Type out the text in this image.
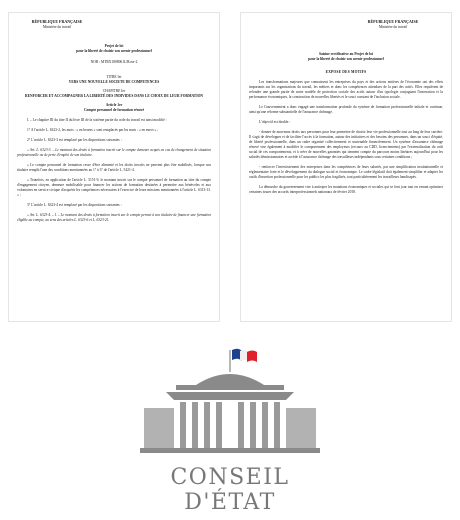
RÉPUBLIQUE FRANÇAISE
Ministère du travail
Projet de loi
pour la liberté de choisir son avenir professionnel
NOR : MTRX1808061L/Rose-2
TITRE Ier
VERS UNE NOUVELLE SOCIETE DE COMPETENCES
CHAPITRE Ier
RENFORCER ET ACCOMPAGNER LA LIBERTÉ DES INDIVIDUS DANS LE CHOIX DE LEUR FORMATION
Article 1er
Compte personnel de formation rénové
I. – Le chapitre III du titre II du livre III de la sixième partie du code du travail est ainsi modifié :
1° A l'article L. 6323-2, les mots : « en heures » sont remplacés par les mots : « en euros » ;
2° L'article L. 6323-3 est remplacé par les dispositions suivantes :
« Art. L. 6323-3. – Le montant des droits à formation inscrit sur le compte demeure acquis en cas de changement de situation professionnelle ou de perte d'emploi de son titulaire.
« Le compte personnel de formation cesse d'être alimenté et les droits inscrits ne peuvent plus être mobilisés, lorsque son titulaire remplit l'une des conditions mentionnées au 1° à 3° de l'article L. 5421-4.
« Toutefois, en application de l'article L. 5151-9, le montant inscrit sur le compte personnel de formation au titre du compte d'engagement citoyen, demeure mobilisable pour financer les actions de formation destinées à permettre aux bénévoles et aux volontaires en service civique d'acquérir les compétences nécessaires à l'exercice de leurs missions mentionnées à l'article L. 6313-13. » ;
3° L'article L. 6323-4 est remplacé par les dispositions suivantes :
« Art. L. 6323-4. – I. – Le montant des droits à formation inscrit sur le compte permet à son titulaire de financer une formation éligible au compte, au sens des articles L. 6323-6 et L. 6323-21.
RÉPUBLIQUE FRANÇAISE
Ministère du travail
Saisine rectificative au Projet de loi
pour la liberté de choisir son avenir professionnel
EXPOSE DES MOTIFS
Les transformations majeures que connaissent les entreprises du pays et des actions entières de l'économie ont des effets importants sur les organisations du travail, les métiers et donc les compétences attendues de la part des actifs. Elles requièrent de refonder une grande partie de notre modèle de protection sociale des actifs autour d'un typologie conjuguant l'innovation et la performance économiques, la construction de nouvelles libertés et le souci constant de l'inclusion sociale.
Le Gouvernement a donc engagé une transformation profonde du système de formation professionnelle initiale et continue, ainsi qu'une réforme substantielle de l'assurance chômage.
L'objectif est double :
- donner de nouveaux droits aux personnes pour leur permettre de choisir leur vie professionnelle tout au long de leur carrière. Il s'agit de développer et de faciliter l'accès à la formation, autour des initiatives et des besoins des personnes, dans un souci d'équité, de liberté professionnelle, dans un cadre organisé collectivement et soutenable financièrement. Un système d'assurance chômage rénové vise également à modifier le comportement des employeurs (recours au CDD, licenciements) par l'externalisation du coût social de ces comportements, et à créer de nouvelles garanties qui tiennent compte du parcours moins linéaires aujourd'hui pour les salariés démissionnaires et accède à l'assurance chômage des travailleurs indépendants sous certaines conditions ;
- renforcer l'investissement des entreprises dans les compétences de leurs salariés, par une simplification institutionnelle et réglementaire forte et le développement du dialogue social et économique. Le cadre législatif doit également simplifier et adapter les outils d'insertion professionnelle pour les publics les plus fragilisés, tout particulièrement les travailleurs handicapés.
La démarche du gouvernement vise à anticiper les mutations économiques et sociales qui se font jour tout en venant optimiser certaines issues des accords interprofessionnels nationaux de février 2018.
CONSEIL D'ÉTAT
